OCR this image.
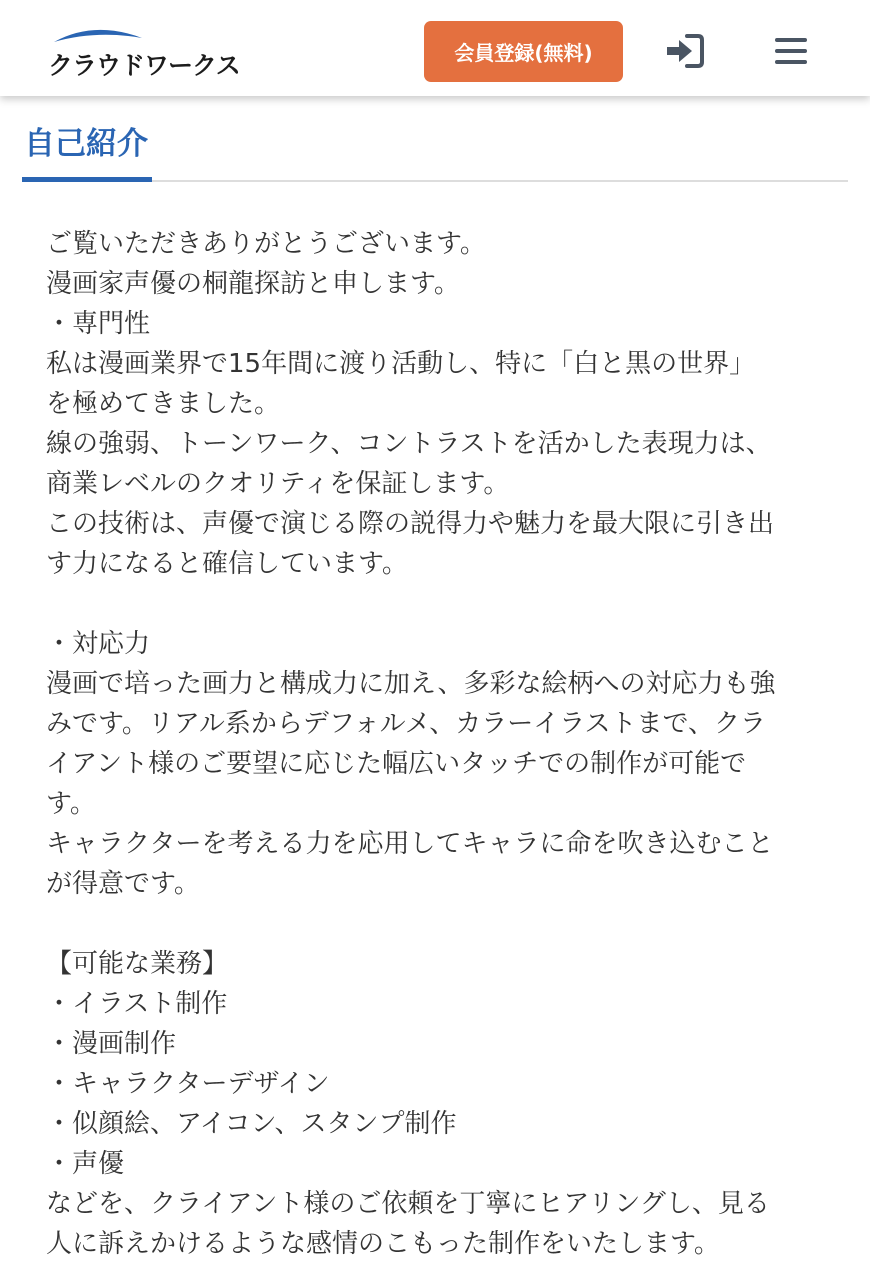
クラウドワークス	会員登録(無料)
自己紹介
ご覧いただきありがとうございます。
漫画家声優の桐龍探訪と申します。
・専門性
私は漫画業界で15年間に渡り活動し、特に「白と黒の世界」
を極めてきました。
線の強弱、トーンワーク、コントラストを活かした表現力は、
商業レベルのクオリティを保証します。
この技術は、声優で演じる際の説得力や魅力を最大限に引き出
す力になると確信しています。
・対応力
漫画で培った画力と構成力に加え、多彩な絵柄への対応力も強
みです。リアル系からデフォルメ、カラーイラストまで、クラ
イアント様のご要望に応じた幅広いタッチでの制作が可能で
す。
キャラクターを考える力を応用してキャラに命を吹き込むこと
が得意です。
【可能な業務】
・イラスト制作
・漫画制作
・キャラクターデザイン
・似顔絵、アイコン、スタンプ制作
・声優
などを、クライアント様のご依頼を丁寧にヒアリングし、見る
人に訴えかけるような感情のこもった制作をいたします。
